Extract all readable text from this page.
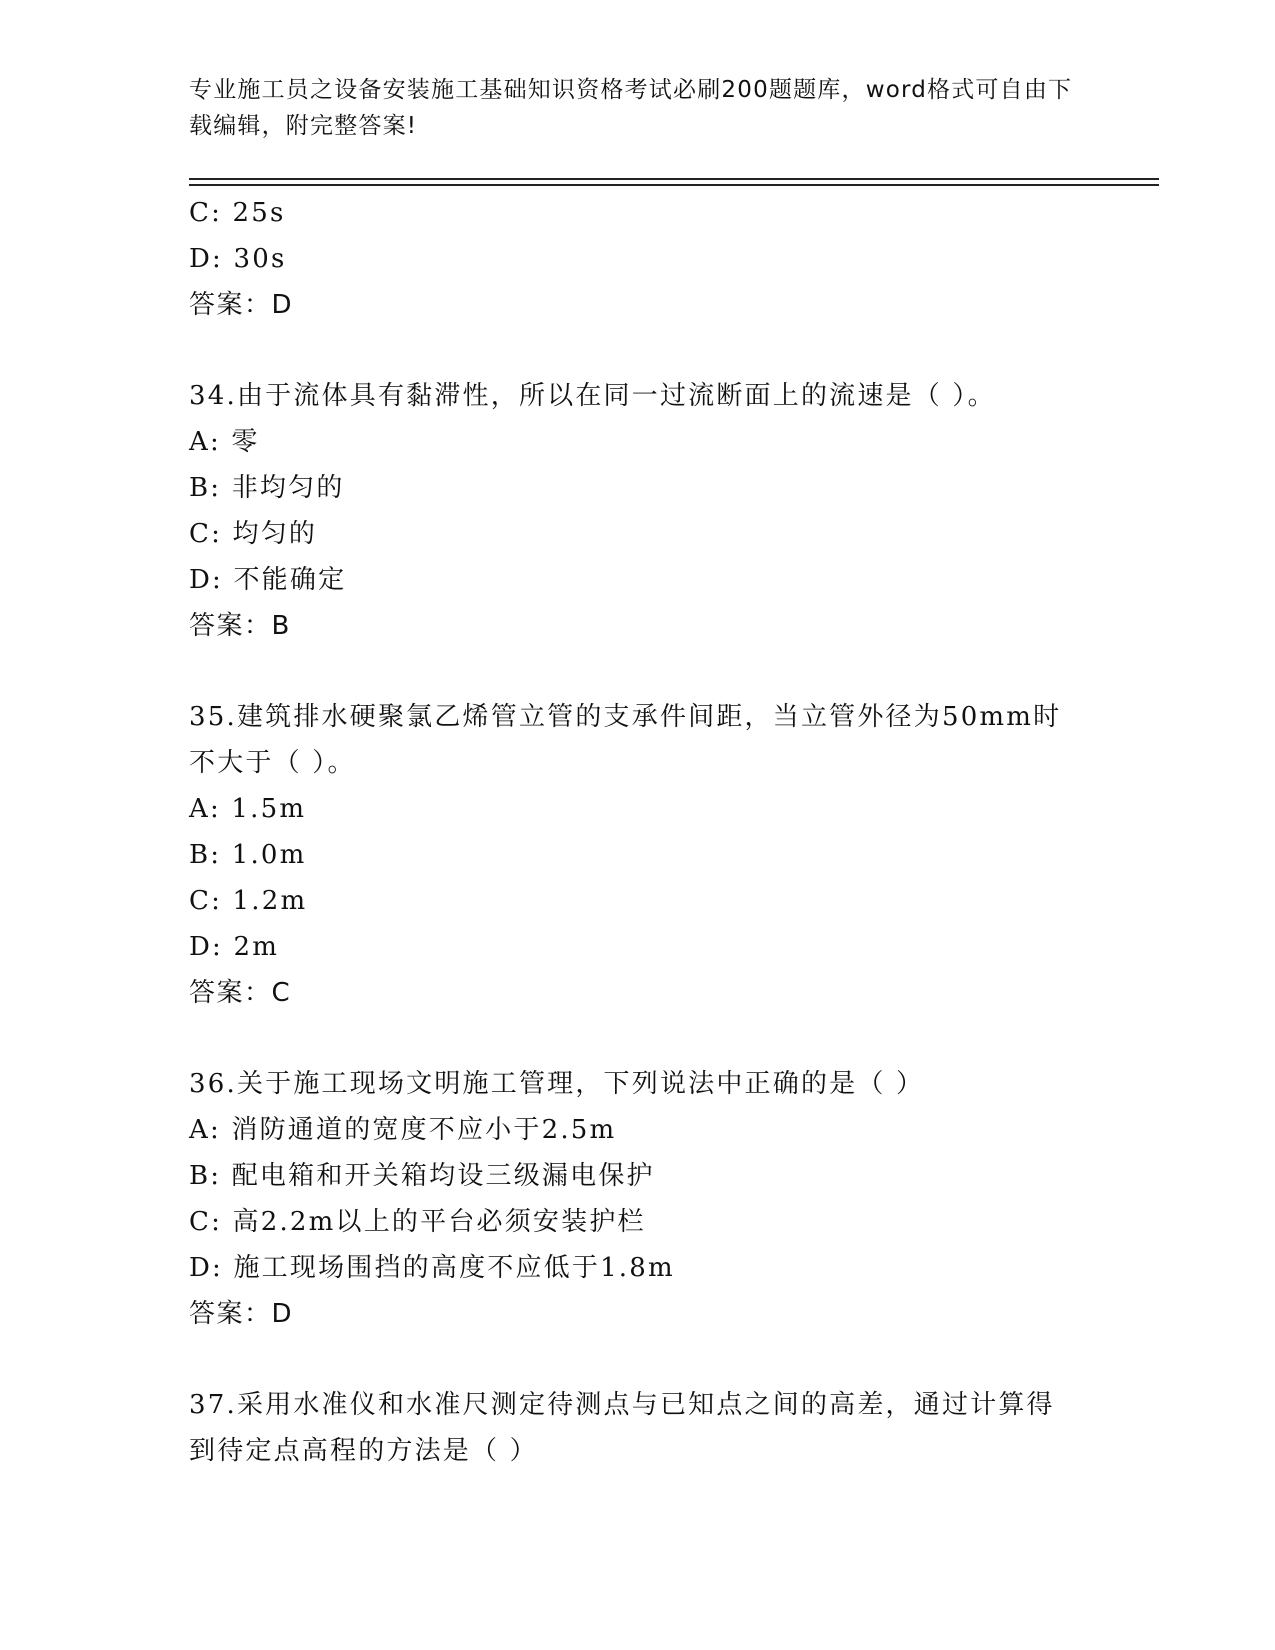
专业施工员之设备安装施工基础知识资格考试必刷200题题库，word格式可自由下载编辑，附完整答案!
C: 25s
D: 30s
答案：D
34.由于流体具有黏滞性，所以在同一过流断面上的流速是（ ）。
A: 零
B: 非均匀的
C: 均匀的
D: 不能确定
答案：B
35.建筑排水硬聚氯乙烯管立管的支承件间距，当立管外径为50mm时
不大于（ ）。
A: 1.5m
B: 1.0m
C: 1.2m
D: 2m
答案：C
36.关于施工现场文明施工管理，下列说法中正确的是（ ）
A: 消防通道的宽度不应小于2.5m
B: 配电箱和开关箱均设三级漏电保护
C: 高2.2m以上的平台必须安装护栏
D: 施工现场围挡的高度不应低于1.8m
答案：D
37.采用水准仪和水准尺测定待测点与已知点之间的高差，通过计算得
到待定点高程的方法是（ ）
